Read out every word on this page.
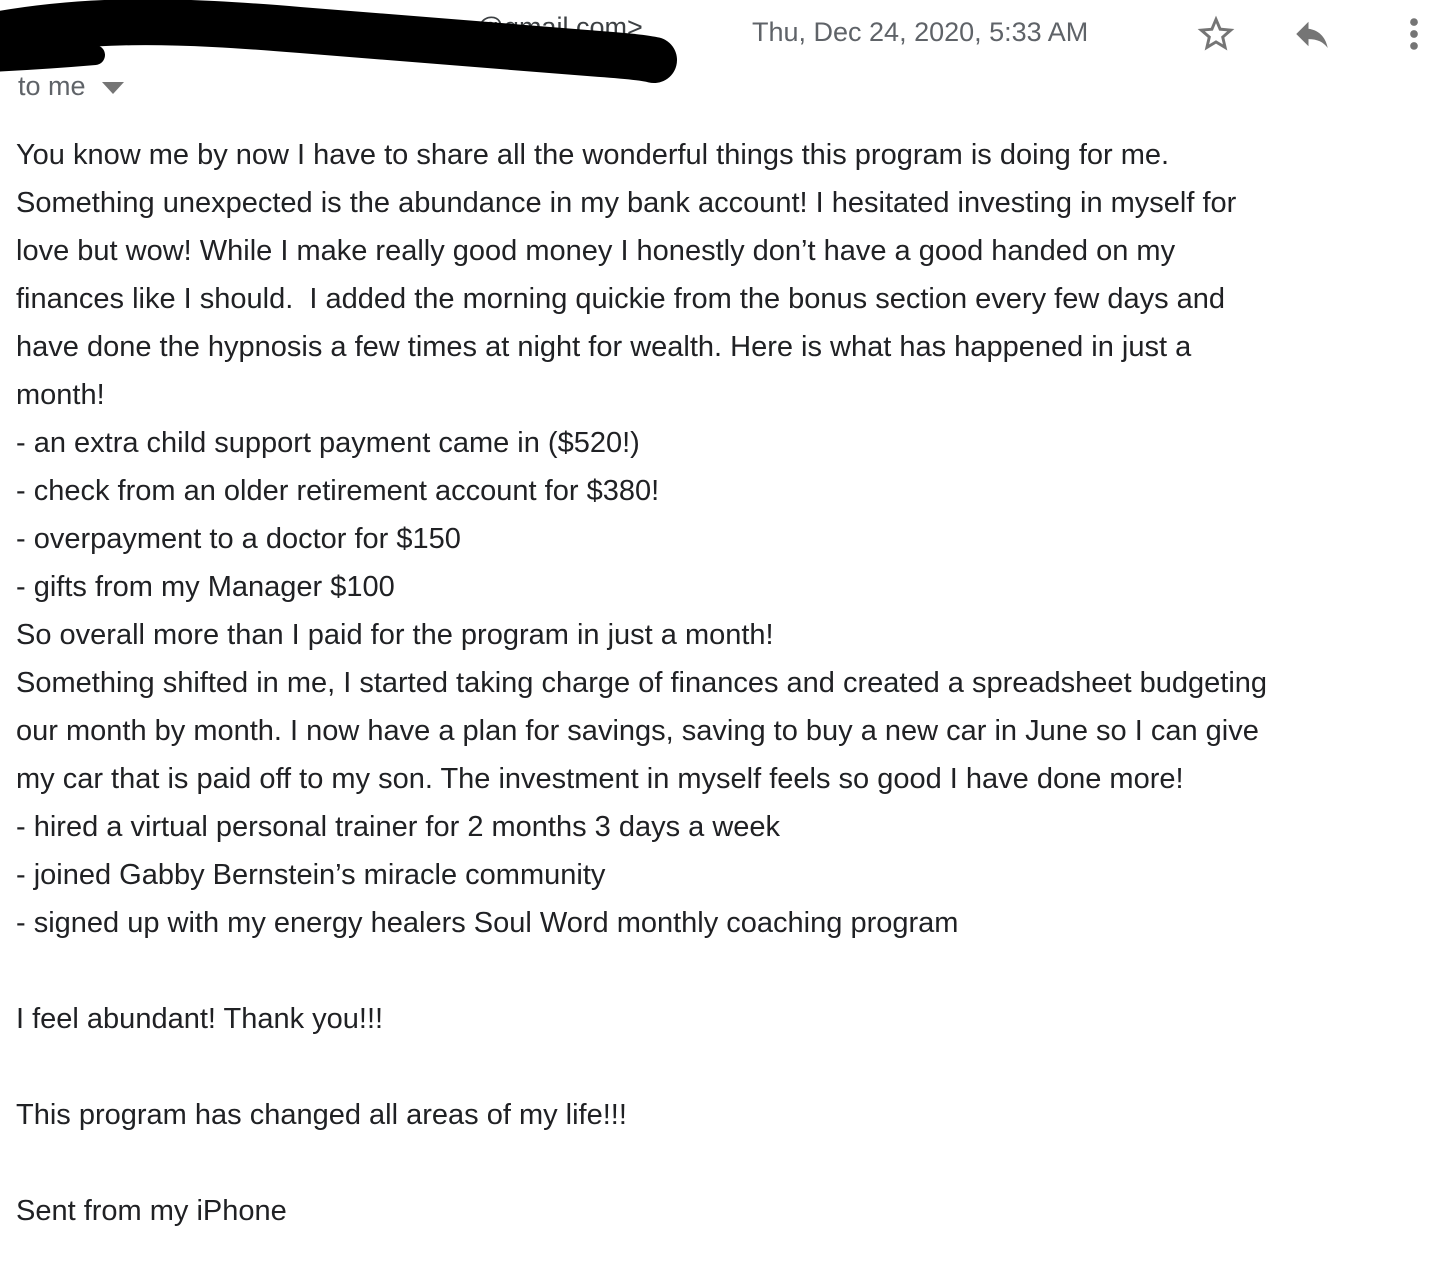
ey@gmail.com>	Thu, Dec 24, 2020, 5:33 AM
to me
You know me by now I have to share all the wonderful things this program is doing for me.
Something unexpected is the abundance in my bank account! I hesitated investing in myself for
love but wow! While I make really good money I honestly don’t have a good handed on my
finances like I should.  I added the morning quickie from the bonus section every few days and
have done the hypnosis a few times at night for wealth. Here is what has happened in just a
month!
- an extra child support payment came in ($520!)
- check from an older retirement account for $380!
- overpayment to a doctor for $150
- gifts from my Manager $100
So overall more than I paid for the program in just a month!
Something shifted in me, I started taking charge of finances and created a spreadsheet budgeting
our month by month. I now have a plan for savings, saving to buy a new car in June so I can give
my car that is paid off to my son. The investment in myself feels so good I have done more!
- hired a virtual personal trainer for 2 months 3 days a week
- joined Gabby Bernstein’s miracle community
- signed up with my energy healers Soul Word monthly coaching program

I feel abundant! Thank you!!!

This program has changed all areas of my life!!!

Sent from my iPhone
